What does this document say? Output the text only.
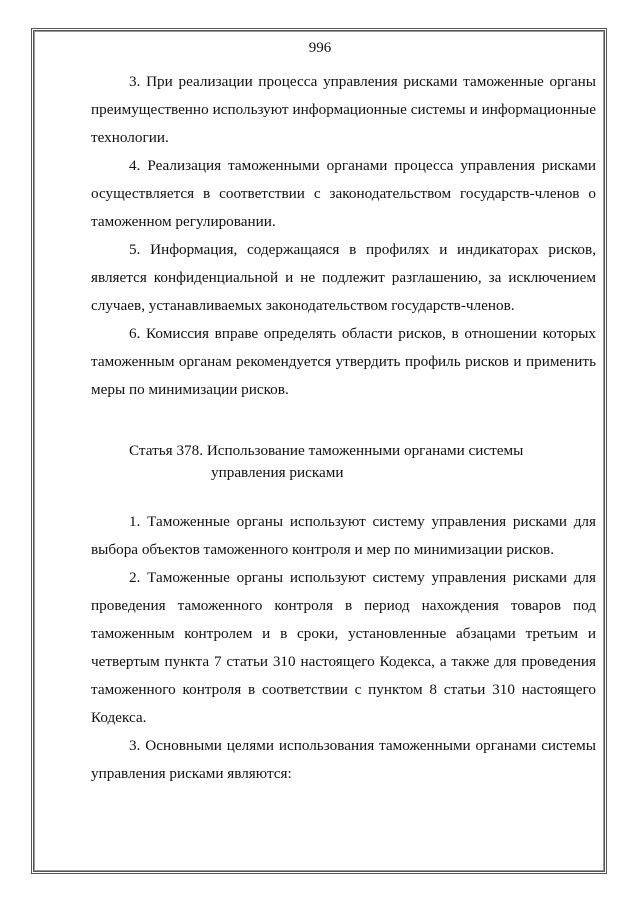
996

3. При реализации процесса управления рисками таможенные органы преимущественно используют информационные системы и информационные технологии.

4. Реализация таможенными органами процесса управления рисками осуществляется в соответствии с законодательством государств-членов о таможенном регулировании.

5. Информация, содержащаяся в профилях и индикаторах рисков, является конфиденциальной и не подлежит разглашению, за исключением случаев, устанавливаемых законодательством государств-членов.

6. Комиссия вправе определять области рисков, в отношении которых таможенным органам рекомендуется утвердить профиль рисков и применить меры по минимизации рисков.

Статья 378. Использование таможенными органами системы
управления рисками

1. Таможенные органы используют систему управления рисками для выбора объектов таможенного контроля и мер по минимизации рисков.

2. Таможенные органы используют систему управления рисками для проведения таможенного контроля в период нахождения товаров под таможенным контролем и в сроки, установленные абзацами третьим и четвертым пункта 7 статьи 310 настоящего Кодекса, а также для проведения таможенного контроля в соответствии с пунктом 8 статьи 310 настоящего Кодекса.

3. Основными целями использования таможенными органами системы управления рисками являются:
